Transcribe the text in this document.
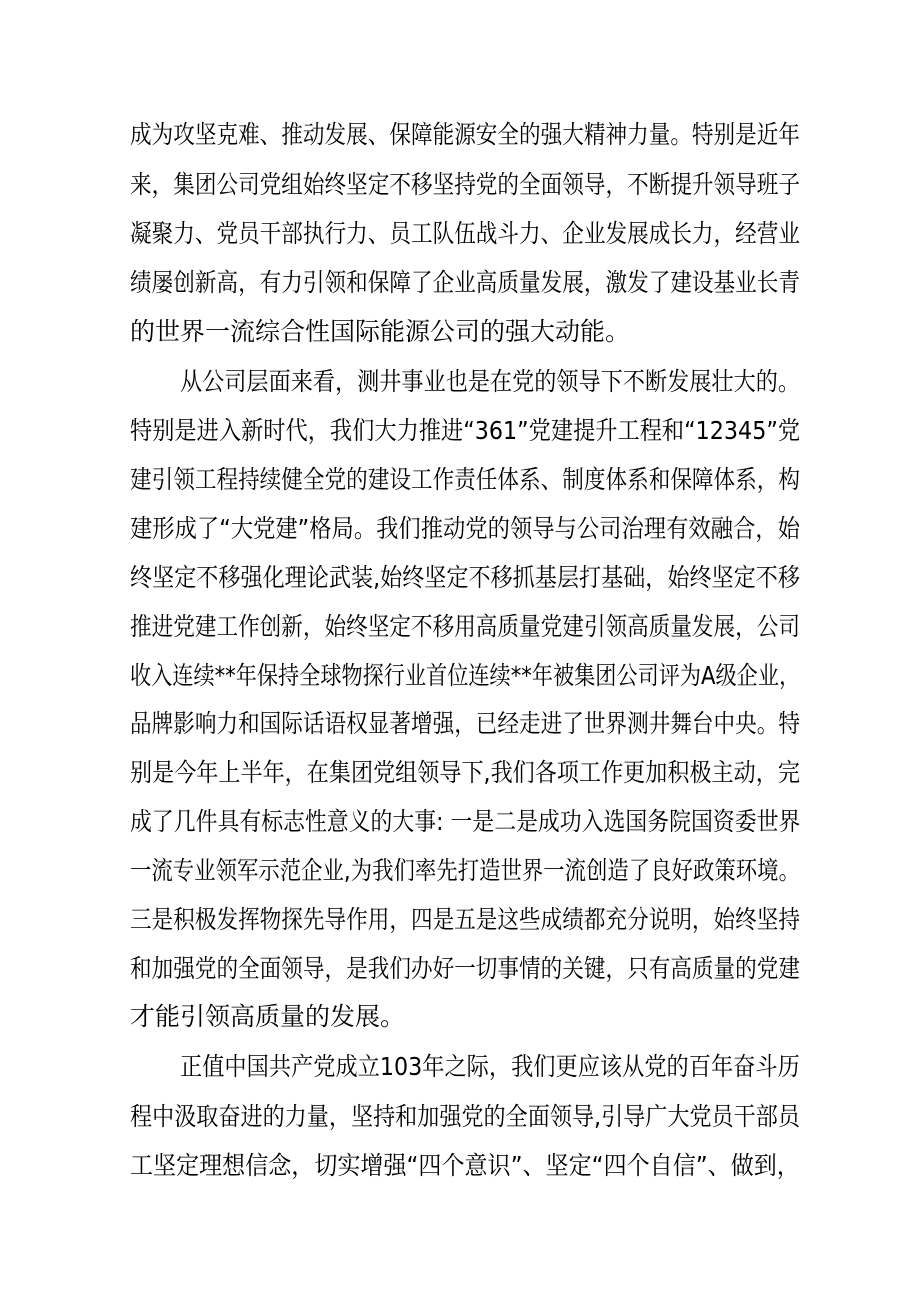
成为攻坚克难、推动发展、保障能源安全的强大精神力量。特别是近年
来，集团公司党组始终坚定不移坚持党的全面领导，不断提升领导班子
凝聚力、党员干部执行力、员工队伍战斗力、企业发展成长力，经营业
绩屡创新高，有力引领和保障了企业高质量发展，激发了建设基业长青
的世界一流综合性国际能源公司的强大动能。
从公司层面来看，测井事业也是在党的领导下不断发展壮大的。
特别是进入新时代，我们大力推进“361”党建提升工程和“12345”党
建引领工程持续健全党的建设工作责任体系、制度体系和保障体系，构
建形成了“大党建”格局。我们推动党的领导与公司治理有效融合，始
终坚定不移强化理论武装,始终坚定不移抓基层打基础，始终坚定不移
推进党建工作创新，始终坚定不移用高质量党建引领高质量发展，公司
收入连续**年保持全球物探行业首位连续**年被集团公司评为A级企业，
品牌影响力和国际话语权显著增强，已经走进了世界测井舞台中央。特
别是今年上半年，在集团党组领导下,我们各项工作更加积极主动，完
成了几件具有标志性意义的大事: 一是二是成功入选国务院国资委世界
一流专业领军示范企业,为我们率先打造世界一流创造了良好政策环境。
三是积极发挥物探先导作用，四是五是这些成绩都充分说明，始终坚持
和加强党的全面领导，是我们办好一切事情的关键，只有高质量的党建
才能引领高质量的发展。
正值中国共产党成立103年之际，我们更应该从党的百年奋斗历
程中汲取奋进的力量，坚持和加强党的全面领导,引导广大党员干部员
工坚定理想信念，切实增强“四个意识”、坚定“四个自信”、做到，
